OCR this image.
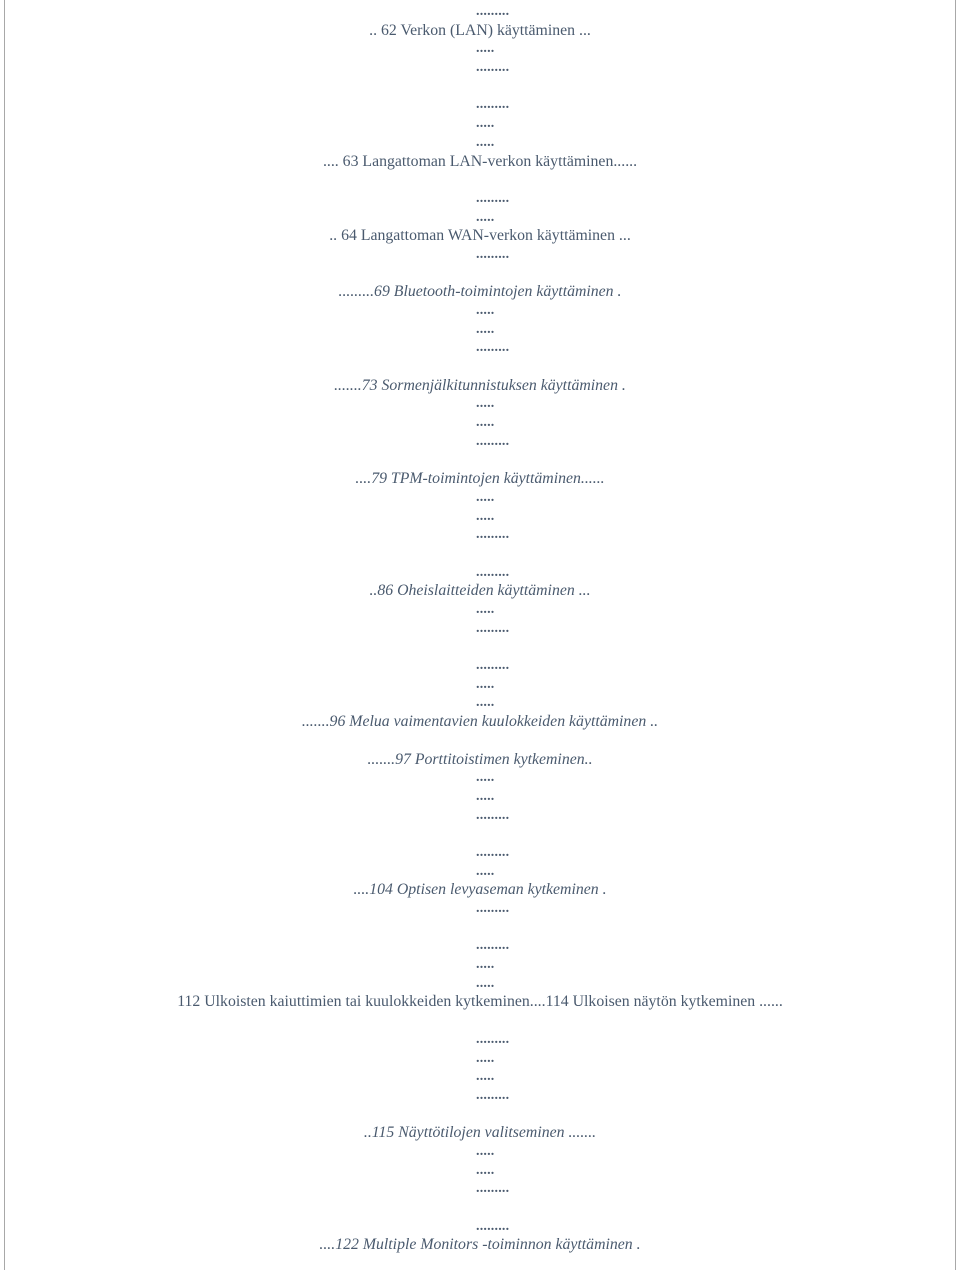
.........
.. 62 Verkon (LAN) käyttäminen ...
.....
.........
.........
.....
.....
.... 63 Langattoman LAN-verkon käyttäminen......
.........
.....
.. 64 Langattoman WAN-verkon käyttäminen ...
.........
.........69 Bluetooth-toimintojen käyttäminen .
.....
.....
.........
.......73 Sormenjälkitunnistuksen käyttäminen .
.....
.....
.........
....79 TPM-toimintojen käyttäminen......
.....
.....
.........
.........
..86 Oheislaitteiden käyttäminen ...
.....
.........
.........
.....
.....
.......96 Melua vaimentavien kuulokkeiden käyttäminen ..
.......97 Porttitoistimen kytkeminen..
.....
.....
.........
.........
.....
....104 Optisen levyaseman kytkeminen .
.........
.........
.....
.....
112 Ulkoisten kaiuttimien tai kuulokkeiden kytkeminen....114 Ulkoisen näytön kytkeminen ......
.........
.....
.....
.........
..115 Näyttötilojen valitseminen .......
.....
.....
.........
.........
....122 Multiple Monitors -toiminnon käyttäminen .
